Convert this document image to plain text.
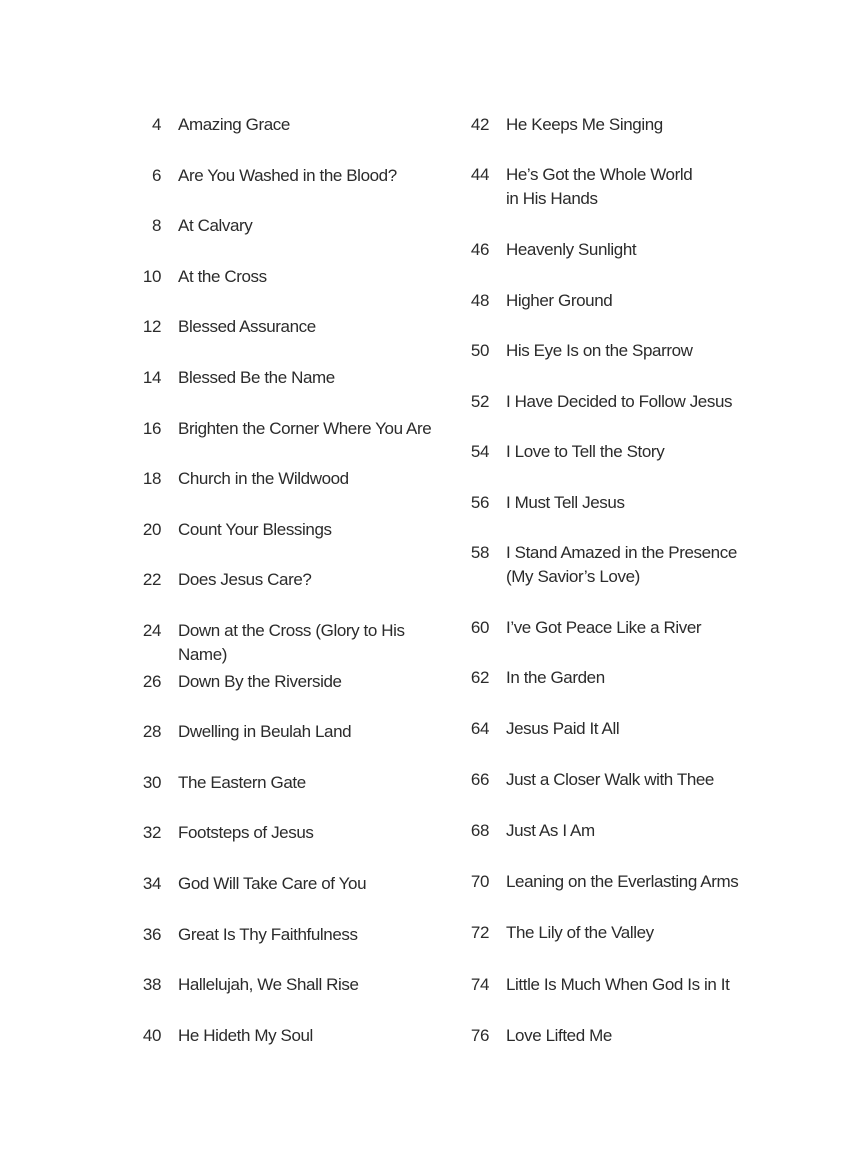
4 Amazing Grace
6 Are You Washed in the Blood?
8 At Calvary
10 At the Cross
12 Blessed Assurance
14 Blessed Be the Name
16 Brighten the Corner Where You Are
18 Church in the Wildwood
20 Count Your Blessings
22 Does Jesus Care?
24 Down at the Cross (Glory to His Name)
26 Down By the Riverside
28 Dwelling in Beulah Land
30 The Eastern Gate
32 Footsteps of Jesus
34 God Will Take Care of You
36 Great Is Thy Faithfulness
38 Hallelujah, We Shall Rise
40 He Hideth My Soul
42 He Keeps Me Singing
44 He’s Got the Whole World
in His Hands
46 Heavenly Sunlight
48 Higher Ground
50 His Eye Is on the Sparrow
52 I Have Decided to Follow Jesus
54 I Love to Tell the Story
56 I Must Tell Jesus
58 I Stand Amazed in the Presence
(My Savior’s Love)
60 I’ve Got Peace Like a River
62 In the Garden
64 Jesus Paid It All
66 Just a Closer Walk with Thee
68 Just As I Am
70 Leaning on the Everlasting Arms
72 The Lily of the Valley
74 Little Is Much When God Is in It
76 Love Lifted Me
